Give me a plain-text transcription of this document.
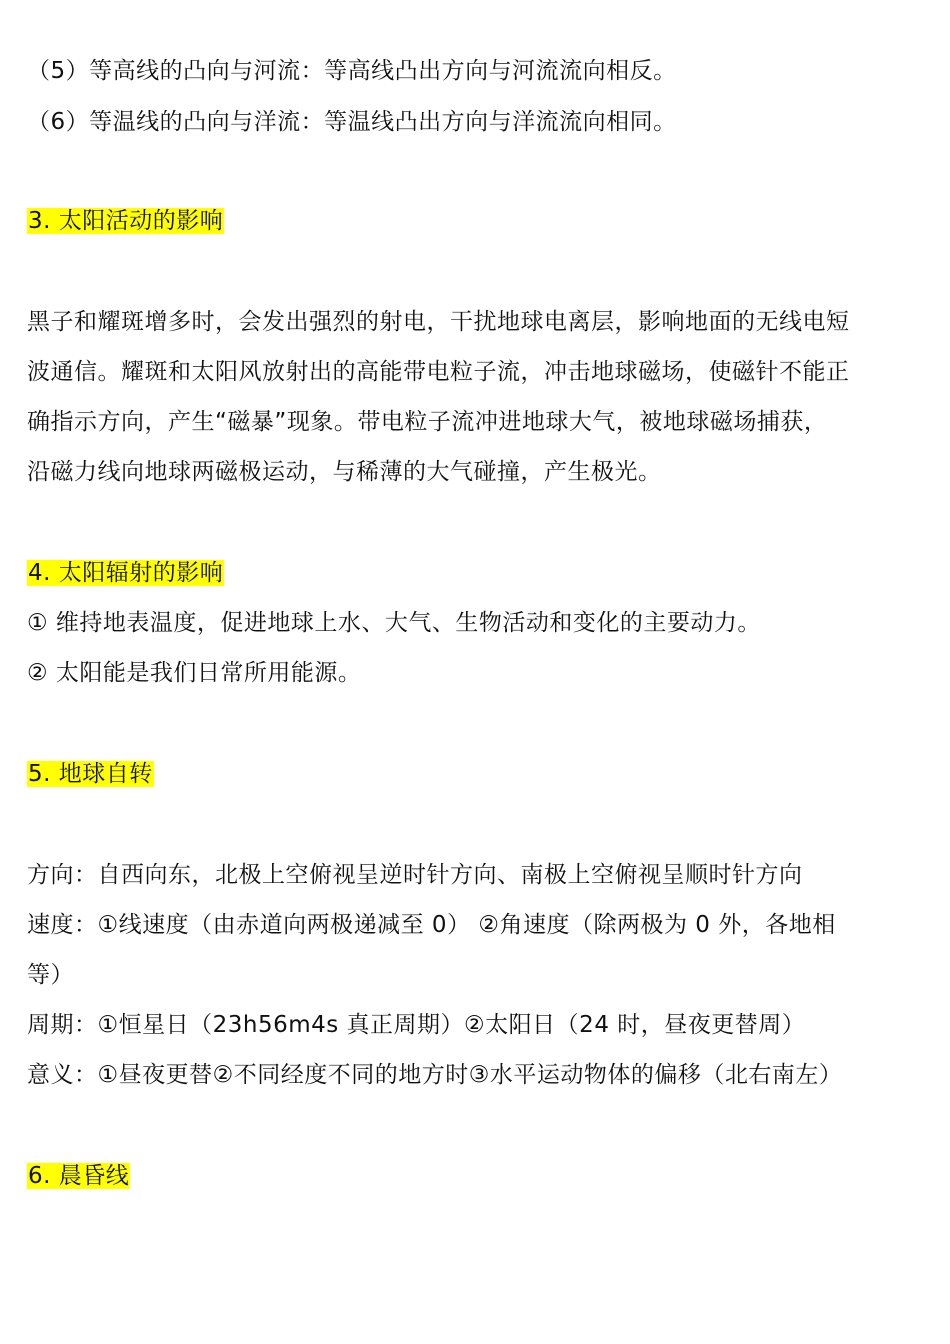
（5）等高线的凸向与河流：等高线凸出方向与河流流向相反。
（6）等温线的凸向与洋流：等温线凸出方向与洋流流向相同。
3. 太阳活动的影响
黑子和耀斑增多时，会发出强烈的射电，干扰地球电离层，影响地面的无线电短
波通信。耀斑和太阳风放射出的高能带电粒子流，冲击地球磁场，使磁针不能正
确指示方向，产生“磁暴”现象。带电粒子流冲进地球大气，被地球磁场捕获，
沿磁力线向地球两磁极运动，与稀薄的大气碰撞，产生极光。
4. 太阳辐射的影响
① 维持地表温度，促进地球上水、大气、生物活动和变化的主要动力。
② 太阳能是我们日常所用能源。
5. 地球自转
方向：自西向东，北极上空俯视呈逆时针方向、南极上空俯视呈顺时针方向
速度：①线速度（由赤道向两极递减至 0） ②角速度（除两极为 0 外，各地相
等）
周期：①恒星日（23h56m4s 真正周期）②太阳日（24 时，昼夜更替周）
意义：①昼夜更替②不同经度不同的地方时③水平运动物体的偏移（北右南左）
6. 晨昏线
